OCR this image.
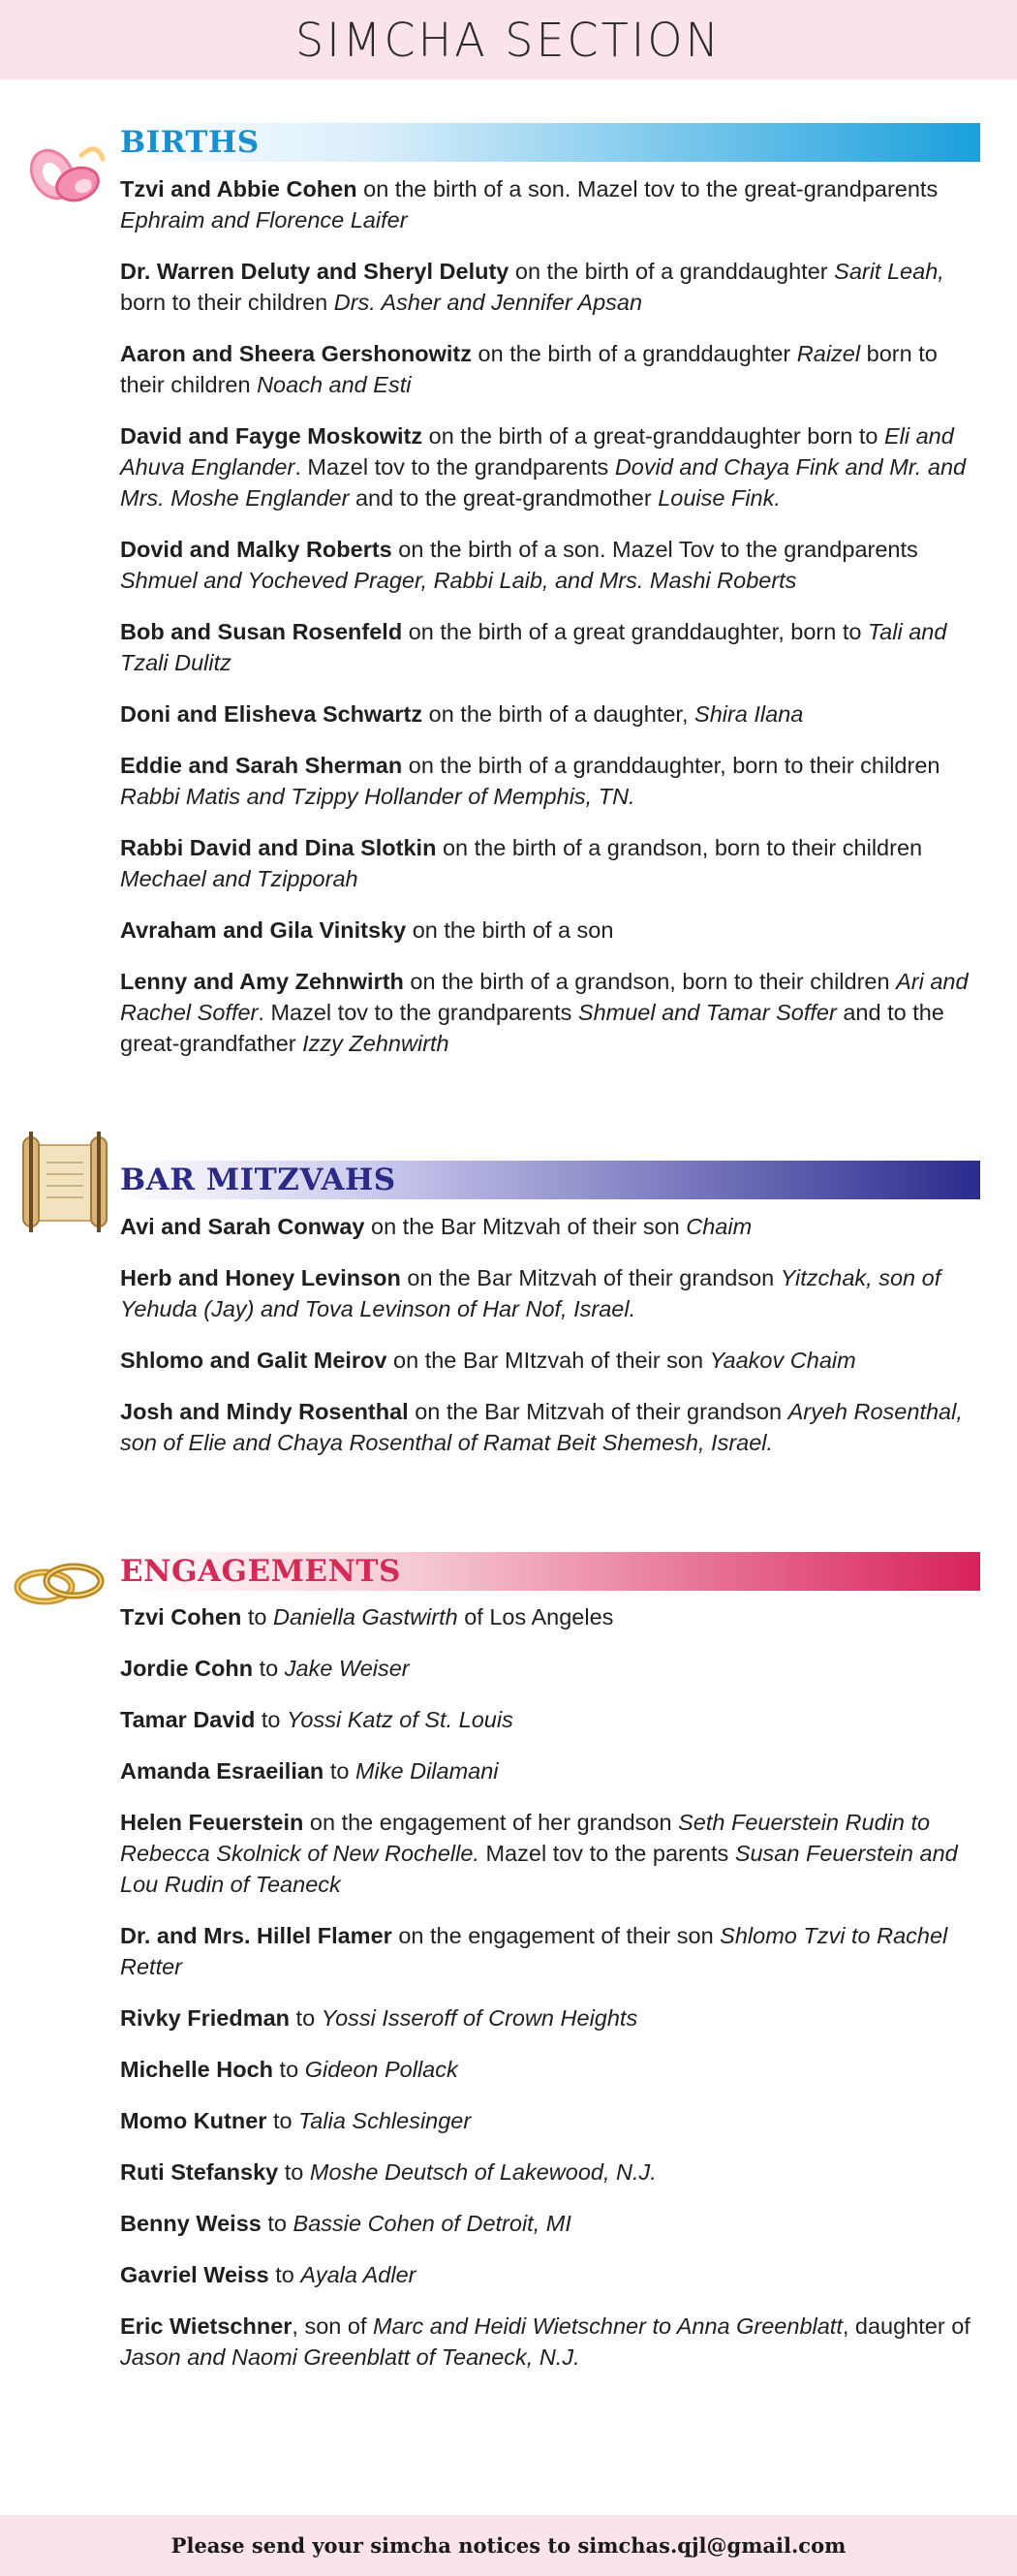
SIMCHA SECTION
BIRTHS

Tzvi and Abbie Cohen on the birth of a son. Mazel tov to the great-grandparents Ephraim and Florence Laifer

Dr. Warren Deluty and Sheryl Deluty on the birth of a granddaughter Sarit Leah, born to their children Drs. Asher and Jennifer Apsan

Aaron and Sheera Gershonowitz on the birth of a granddaughter Raizel born to their children Noach and Esti

David and Fayge Moskowitz on the birth of a great-granddaughter born to Eli and Ahuva Englander. Mazel tov to the grandparents Dovid and Chaya Fink and Mr. and Mrs. Moshe Englander and to the great-grandmother Louise Fink.

Dovid and Malky Roberts on the birth of a son. Mazel Tov to the grandparents Shmuel and Yocheved Prager, Rabbi Laib, and Mrs. Mashi Roberts

Bob and Susan Rosenfeld on the birth of a great granddaughter, born to Tali and Tzali Dulitz

Doni and Elisheva Schwartz on the birth of a daughter, Shira Ilana

Eddie and Sarah Sherman on the birth of a granddaughter, born to their children Rabbi Matis and Tzippy Hollander of Memphis, TN.

Rabbi David and Dina Slotkin on the birth of a grandson, born to their children Mechael and Tzipporah

Avraham and Gila Vinitsky on the birth of a son

Lenny and Amy Zehnwirth on the birth of a grandson, born to their children Ari and Rachel Soffer. Mazel tov to the grandparents Shmuel and Tamar Soffer and to the great-grandfather Izzy Zehnwirth

BAR MITZVAHS

Avi and Sarah Conway on the Bar Mitzvah of their son Chaim

Herb and Honey Levinson on the Bar Mitzvah of their grandson Yitzchak, son of Yehuda (Jay) and Tova Levinson of Har Nof, Israel.

Shlomo and Galit Meirov on the Bar MItzvah of their son Yaakov Chaim

Josh and Mindy Rosenthal on the Bar Mitzvah of their grandson Aryeh Rosenthal, son of Elie and Chaya Rosenthal of Ramat Beit Shemesh, Israel.

ENGAGEMENTS

Tzvi Cohen to Daniella Gastwirth of Los Angeles

Jordie Cohn to Jake Weiser

Tamar David to Yossi Katz of St. Louis

Amanda Esraeilian to Mike Dilamani

Helen Feuerstein on the engagement of her grandson Seth Feuerstein Rudin to Rebecca Skolnick of New Rochelle. Mazel tov to the parents Susan Feuerstein and Lou Rudin of Teaneck

Dr. and Mrs. Hillel Flamer on the engagement of their son Shlomo Tzvi to Rachel Retter

Rivky Friedman to Yossi Isseroff of Crown Heights

Michelle Hoch to Gideon Pollack

Momo Kutner to Talia Schlesinger

Ruti Stefansky to Moshe Deutsch of Lakewood, N.J.

Benny Weiss to Bassie Cohen of Detroit, MI

Gavriel Weiss to Ayala Adler

Eric Wietschner, son of Marc and Heidi Wietschner to Anna Greenblatt, daughter of Jason and Naomi Greenblatt of Teaneck, N.J.

Please send your simcha notices to simchas.qjl@gmail.com
